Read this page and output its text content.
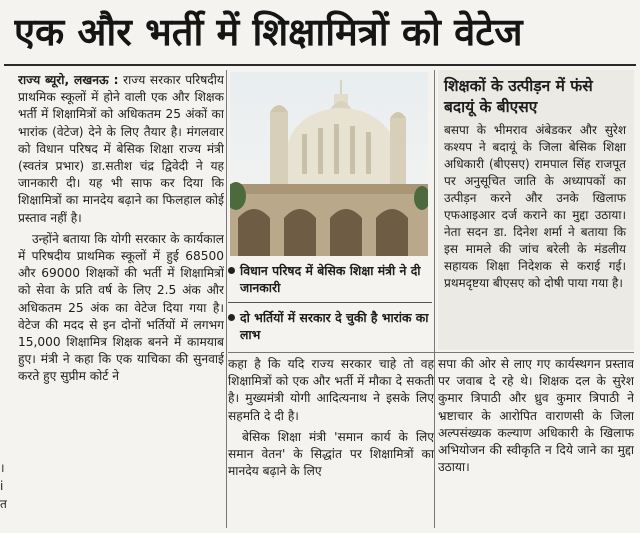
एक और भर्ती में शिक्षामित्रों को वेटेज
।
i
त

राज्य ब्यूरो, लखनऊ : राज्य सरकार परिषदीय प्राथमिक स्कूलों में होने वाली एक और शिक्षक भर्ती में शिक्षामित्रों को अधिकतम 25 अंकों का भारांक (वेटेज) देने के लिए तैयार है। मंगलवार को विधान परिषद में बेसिक शिक्षा राज्य मंत्री (स्वतंत्र प्रभार) डा.सतीश चंद्र द्विवेदी ने यह जानकारी दी। यह भी साफ कर दिया कि शिक्षामित्रों का मानदेय बढ़ाने का फिलहाल कोई प्रस्ताव नहीं है।

उन्होंने बताया कि योगी सरकार के कार्यकाल में परिषदीय प्राथमिक स्कूलों में हुई 68500 और 69000 शिक्षकों की भर्ती में शिक्षामित्रों को सेवा के प्रति वर्ष के लिए 2.5 अंक और अधिकतम 25 अंक का वेटेज दिया गया है। वेटेज की मदद से इन दोनों भर्तियों में लगभग 15,000 शिक्षामित्र शिक्षक बनने में कामयाब हुए। मंत्री ने कहा कि एक याचिका की सुनवाई करते हुए सुप्रीम कोर्ट ने

विधान परिषद में बेसिक शिक्षा मंत्री ने दी जानकारी
दो भर्तियों में सरकार दे चुकी है भारांक का लाभ
शिक्षकों के उत्पीड़न में फंसे बदायूं के बीएसए
बसपा के भीमराव अंबेडकर और सुरेश कश्यप ने बदायूं के जिला बेसिक शिक्षा अधिकारी (बीएसए) रामपाल सिंह राजपूत पर अनुसूचित जाति के अध्यापकों का उत्पीड़न करने और उनके खिलाफ एफआइआर दर्ज कराने का मुद्दा उठाया। नेता सदन डा. दिनेश शर्मा ने बताया कि इस मामले की जांच बरेली के मंडलीय सहायक शिक्षा निदेशक से कराई गई। प्रथमदृष्टया बीएसए को दोषी पाया गया है।

कहा है कि यदि राज्य सरकार चाहे तो वह शिक्षामित्रों को एक और भर्ती में मौका दे सकती है। मुख्यमंत्री योगी आदित्यनाथ ने इसके लिए सहमति दे दी है।

बेसिक शिक्षा मंत्री 'समान कार्य के लिए समान वेतन' के सिद्धांत पर शिक्षामित्रों का मानदेय बढ़ाने के लिए

सपा की ओर से लाए गए कार्यस्थगन प्रस्ताव पर जवाब दे रहे थे। शिक्षक दल के सुरेश कुमार त्रिपाठी और ध्रुव कुमार त्रिपाठी ने भ्रष्टाचार के आरोपित वाराणसी के जिला अल्पसंख्यक कल्याण अधिकारी के खिलाफ अभियोजन की स्वीकृति न दिये जाने का मुद्दा उठाया।
